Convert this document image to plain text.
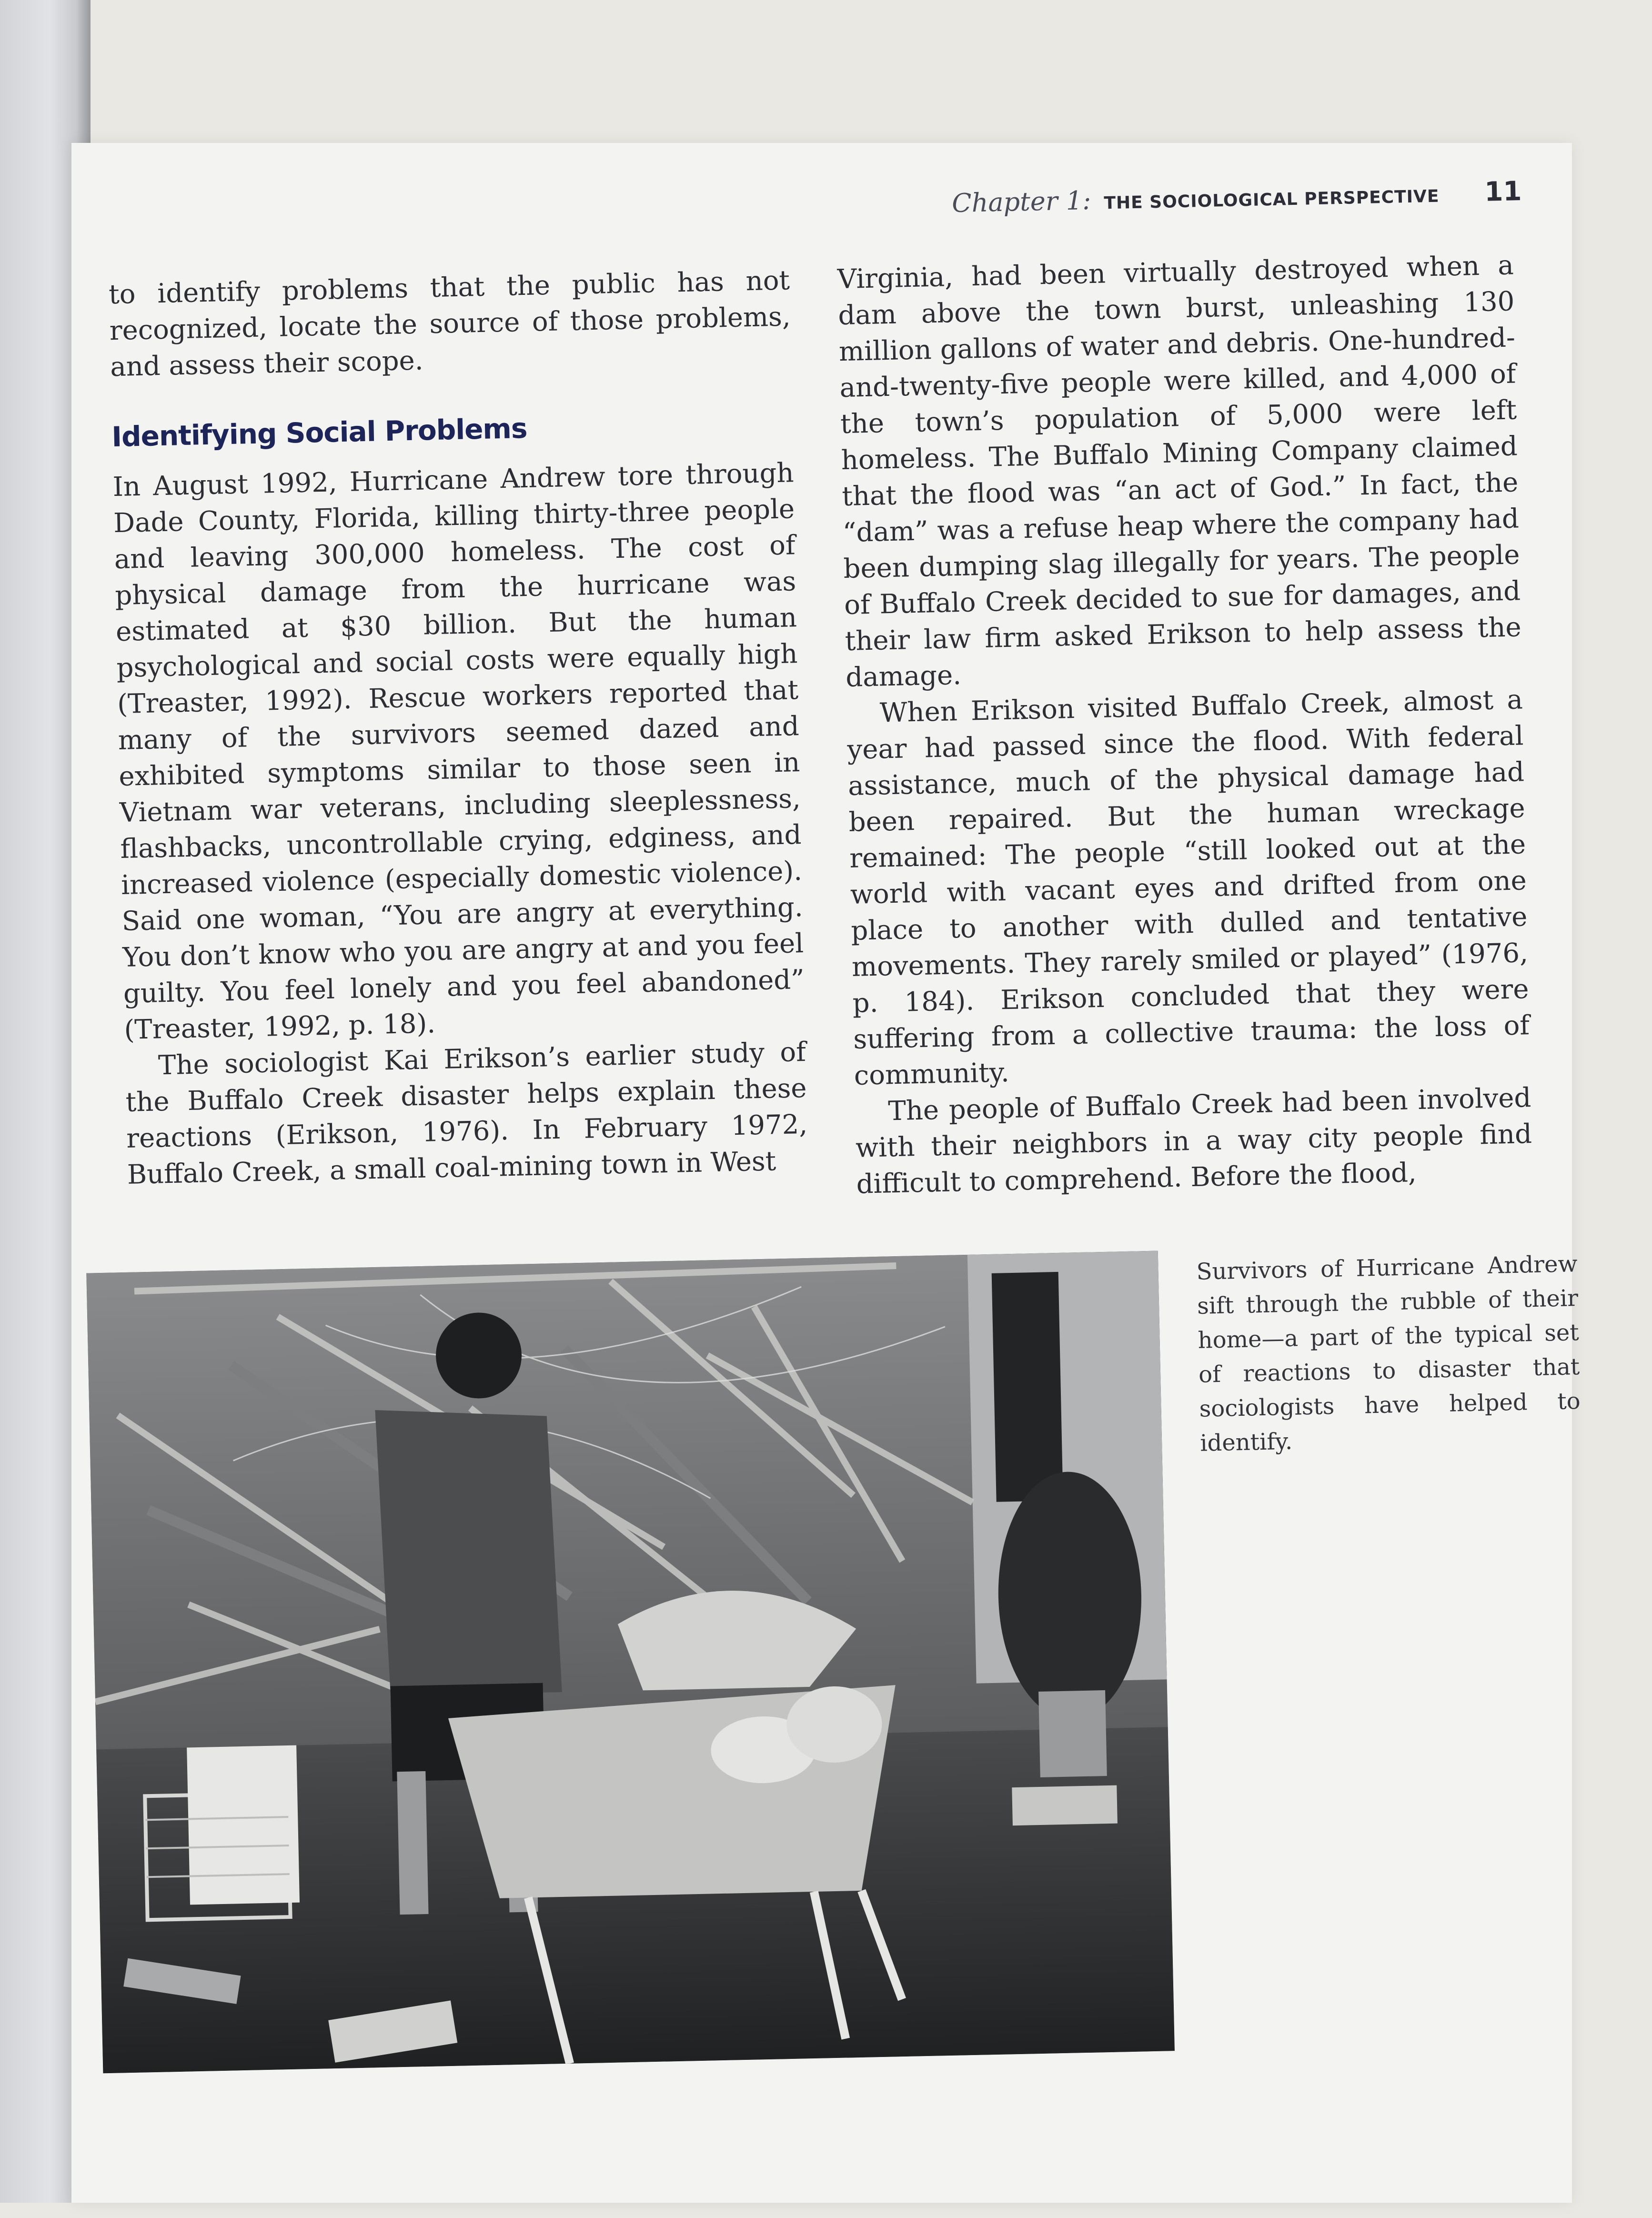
Chapter 1: THE SOCIOLOGICAL PERSPECTIVE 11

to identify problems that the public has not recognized, locate the source of those problems, and assess their scope.

Identifying Social Problems

In August 1992, Hurricane Andrew tore through Dade County, Florida, killing thirty-three people and leaving 300,000 homeless. The cost of physical damage from the hurricane was estimated at $30 billion. But the human psychological and social costs were equally high (Treaster, 1992). Rescue workers reported that many of the survivors seemed dazed and exhibited symptoms similar to those seen in Vietnam war veterans, including sleeplessness, flashbacks, uncontrollable crying, edginess, and increased violence (especially domestic violence). Said one woman, “You are angry at everything. You don’t know who you are angry at and you feel guilty. You feel lonely and you feel abandoned” (Treaster, 1992, p. 18).

The sociologist Kai Erikson’s earlier study of the Buffalo Creek disaster helps explain these reactions (Erikson, 1976). In February 1972, Buffalo Creek, a small coal-mining town in West

Virginia, had been virtually destroyed when a dam above the town burst, unleashing 130 million gallons of water and debris. One-hundred-and-twenty-five people were killed, and 4,000 of the town’s population of 5,000 were left homeless. The Buffalo Mining Company claimed that the flood was “an act of God.” In fact, the “dam” was a refuse heap where the company had been dumping slag illegally for years. The people of Buffalo Creek decided to sue for damages, and their law firm asked Erikson to help assess the damage.

When Erikson visited Buffalo Creek, almost a year had passed since the flood. With federal assistance, much of the physical damage had been repaired. But the human wreckage remained: The people “still looked out at the world with vacant eyes and drifted from one place to another with dulled and tentative movements. They rarely smiled or played” (1976, p. 184). Erikson concluded that they were suffering from a collective trauma: the loss of community.

The people of Buffalo Creek had been involved with their neighbors in a way city people find difficult to comprehend. Before the flood,

Survivors of Hurricane Andrew sift through the rubble of their home—a part of the typical set of reactions to disaster that sociologists have helped to identify.
